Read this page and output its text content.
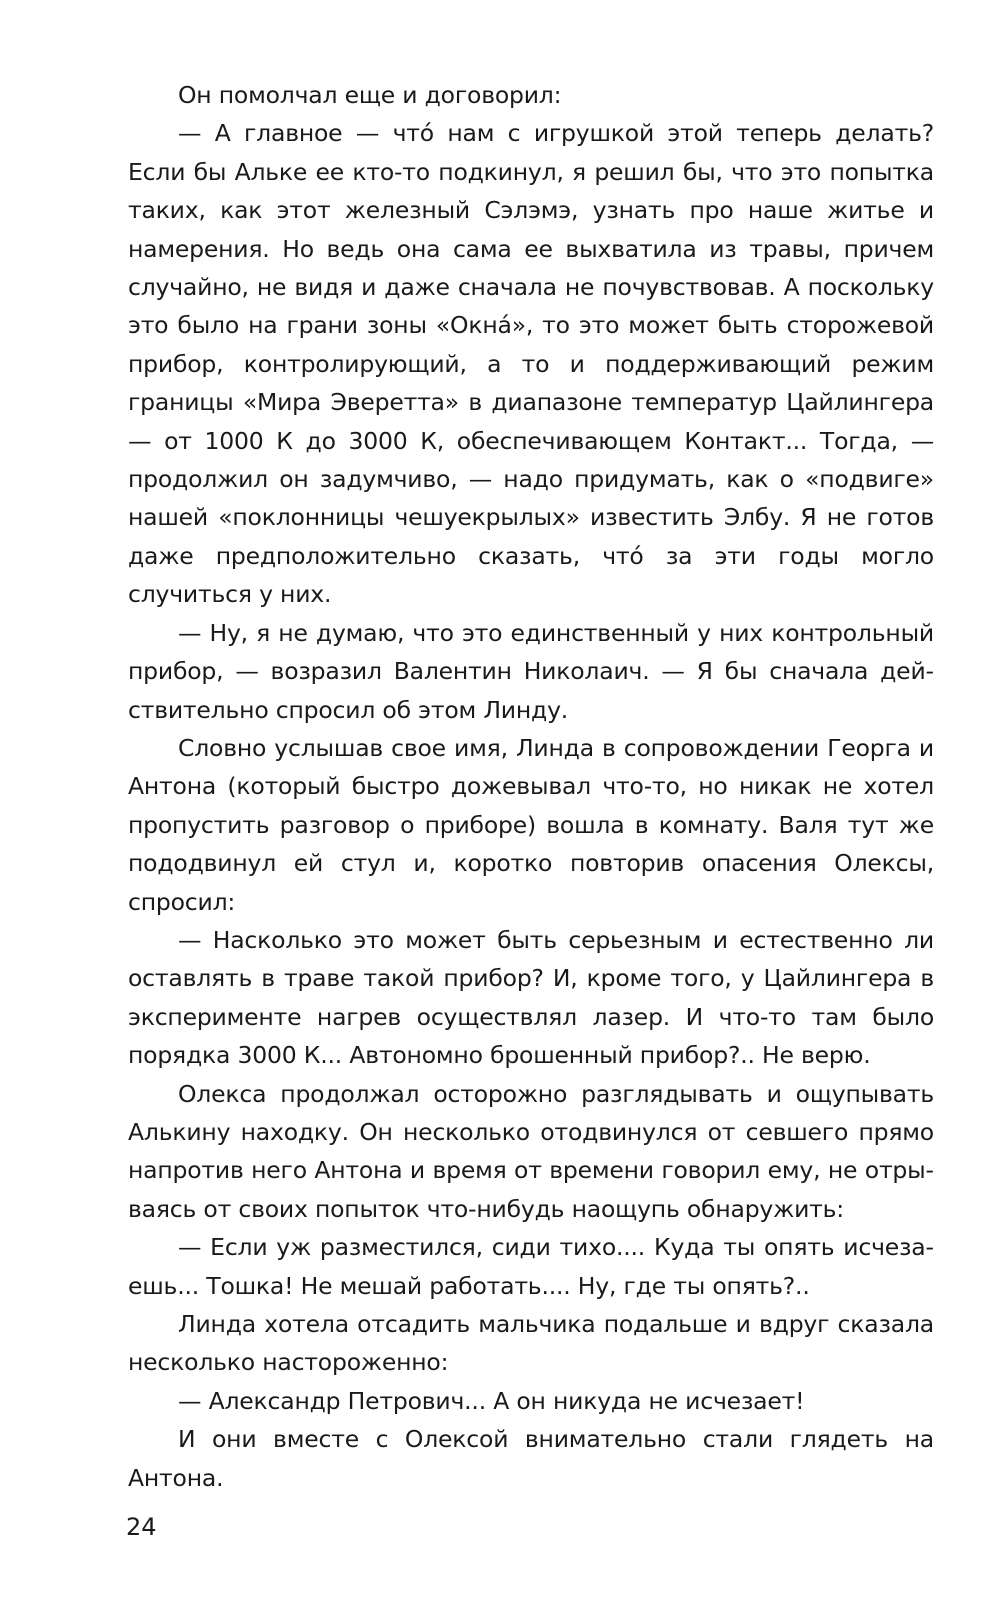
Он помолчал еще и договорил:

— А главное — чтó нам с игрушкой этой теперь делать? Если бы Альке ее кто-то подкинул, я решил бы, что это попытка таких, как этот железный Сэлэмэ, узнать про наше житье и намерения. Но ведь она сама ее выхватила из травы, причем случайно, не видя и даже сначала не почувствовав. А поскольку это было на грани зоны «Окнá», то это может быть сторожевой прибор, контролирующий, а то и поддерживающий режим границы «Мира Эверетта» в диапазоне температур Цайлингера — от 1000 К до 3000 К, обеспечивающем Контакт... Тогда, — продолжил он задумчиво, — надо придумать, как о «подвиге» нашей «поклонницы чешуекрылых» известить Элбу. Я не готов даже предположительно сказать, чтó за эти годы могло случиться у них.

— Ну, я не думаю, что это единственный у них контрольный прибор, — возразил Валентин Николаич. — Я бы сначала действительно спросил об этом Линду.

Словно услышав свое имя, Линда в сопровождении Георга и Антона (который быстро дожевывал что-то, но никак не хотел пропустить разговор о приборе) вошла в комнату. Валя тут же пододвинул ей стул и, коротко повторив опасения Олексы, спросил:

— Насколько это может быть серьезным и естественно ли оставлять в траве такой прибор? И, кроме того, у Цайлингера в эксперименте нагрев осуществлял лазер. И что-то там было порядка 3000 К... Автономно брошенный прибор?.. Не верю.

Олекса продолжал осторожно разглядывать и ощупывать Алькину находку. Он несколько отодвинулся от севшего прямо напротив него Антона и время от времени говорил ему, не отрываясь от своих попыток что-нибудь наощупь обнаружить:

— Если уж разместился, сиди тихо.... Куда ты опять исчезаешь... Тошка! Не мешай работать.... Ну, где ты опять?..

Линда хотела отсадить мальчика подальше и вдруг сказала несколько настороженно:

— Александр Петрович... А он никуда не исчезает!

И они вместе с Олексой внимательно стали глядеть на Антона.

24
